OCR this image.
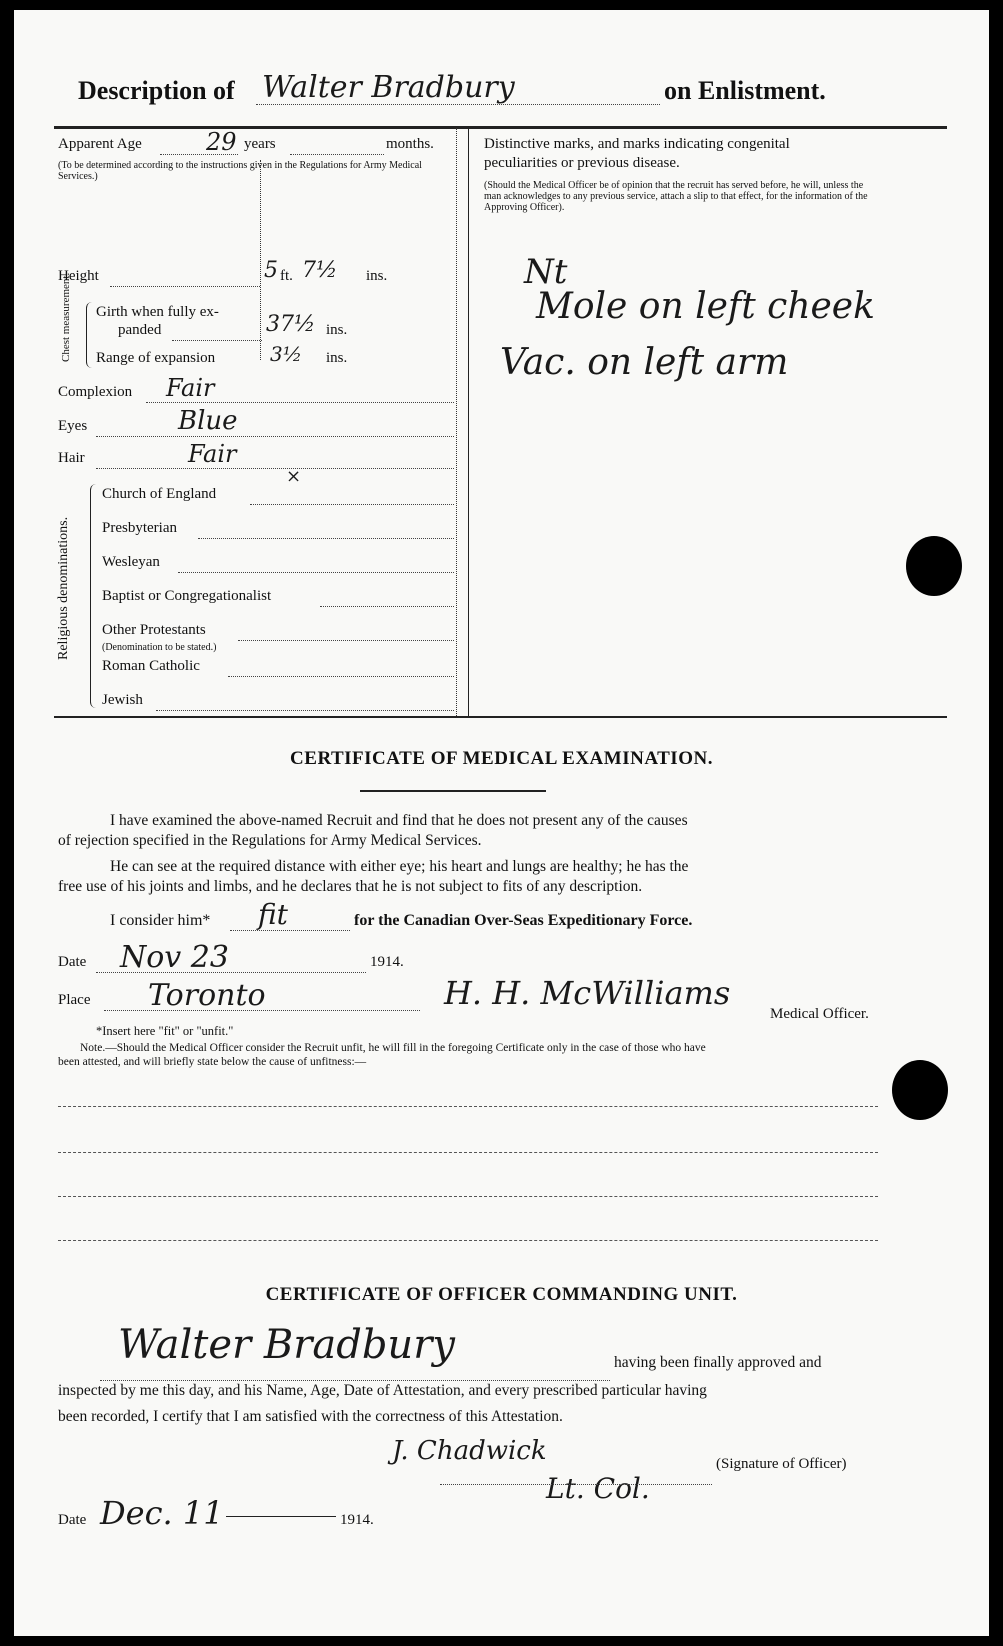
Description of Walter Bradbury	on Enlistment.
Apparent Age	29 years	months.
(To be determined according to the instructions given in the Regulations for Army Medical Services.)
Height	5 ft. 7½ ins.
Chest measurement. Girth when fully ex-
panded	37½ ins.
Range of expansion	3½ ins.
Complexion Fair
Eyes	Blue
Hair	Fair
Religious denominations.
Church of England
×
Presbyterian
Wesleyan
Baptist or Congregationalist
Other Protestants
(Denomination to be stated.)
Roman Catholic
Jewish
Distinctive marks, and marks indicating congenital
peculiarities or previous disease.
(Should the Medical Officer be of opinion that the recruit has served before, he will, unless the man acknowledges to any previous service, attach a slip to that effect, for the information of the Approving Officer).
Nt
Mole on left cheek
Vac. on left arm
CERTIFICATE OF MEDICAL EXAMINATION.
I have examined the above-named Recruit and find that he does not present any of the causes
of rejection specified in the Regulations for Army Medical Services.
He can see at the required distance with either eye; his heart and lungs are healthy; he has the
free use of his joints and limbs, and he declares that he is not subject to fits of any description.
I consider him* fit	for the Canadian Over-Seas Expeditionary Force.
Date Nov 23	1914.
Place Toronto	H. H. McWilliams
Medical Officer.
*Insert here "fit" or "unfit."
Note.—Should the Medical Officer consider the Recruit unfit, he will fill in the foregoing Certificate only in the case of those who have
been attested, and will briefly state below the cause of unfitness:—
CERTIFICATE OF OFFICER COMMANDING UNIT.
Walter Bradbury	having been finally approved and
inspected by me this day, and his Name, Age, Date of Attestation, and every prescribed particular having
been recorded, I certify that I am satisfied with the correctness of this Attestation.
J. Chadwick
Lt. Col.
(Signature of Officer)
Date Dec. 11	1914.
